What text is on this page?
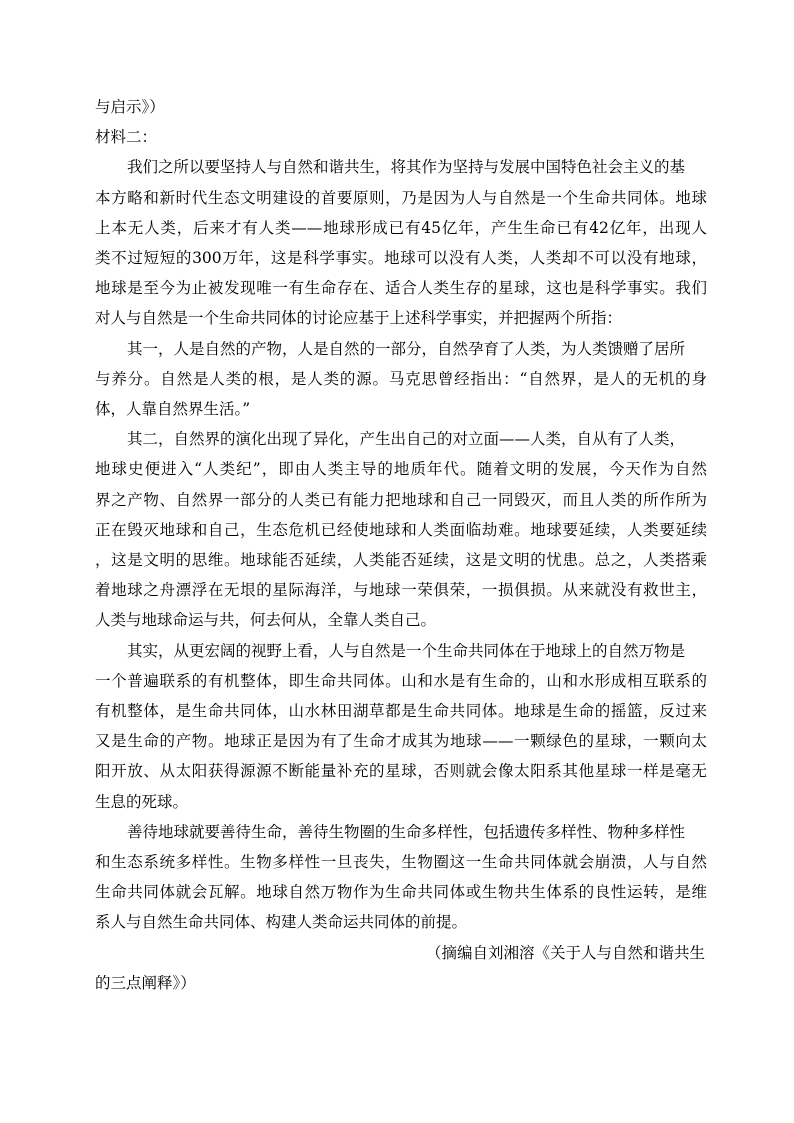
与启示》）
材料二：
我们之所以要坚持人与自然和谐共生，将其作为坚持与发展中国特色社会主义的基
本方略和新时代生态文明建设的首要原则，乃是因为人与自然是一个生命共同体。地球
上本无人类，后来才有人类——地球形成已有45亿年，产生生命已有42亿年，出现人
类不过短短的300万年，这是科学事实。地球可以没有人类，人类却不可以没有地球，
地球是至今为止被发现唯一有生命存在、适合人类生存的星球，这也是科学事实。我们
对人与自然是一个生命共同体的讨论应基于上述科学事实，并把握两个所指：
其一，人是自然的产物，人是自然的一部分，自然孕育了人类，为人类馈赠了居所
与养分。自然是人类的根，是人类的源。马克思曾经指出：“自然界，是人的无机的身
体，人靠自然界生活。”
其二，自然界的演化出现了异化，产生出自己的对立面——人类，自从有了人类，
地球史便进入“人类纪”，即由人类主导的地质年代。随着文明的发展，今天作为自然
界之产物、自然界一部分的人类已有能力把地球和自己一同毁灭，而且人类的所作所为
正在毁灭地球和自己，生态危机已经使地球和人类面临劫难。地球要延续，人类要延续
，这是文明的思维。地球能否延续，人类能否延续，这是文明的忧患。总之，人类搭乘
着地球之舟漂浮在无垠的星际海洋，与地球一荣俱荣，一损俱损。从来就没有救世主，
人类与地球命运与共，何去何从，全靠人类自己。
其实，从更宏阔的视野上看，人与自然是一个生命共同体在于地球上的自然万物是
一个普遍联系的有机整体，即生命共同体。山和水是有生命的，山和水形成相互联系的
有机整体，是生命共同体，山水林田湖草都是生命共同体。地球是生命的摇篮，反过来
又是生命的产物。地球正是因为有了生命才成其为地球——一颗绿色的星球，一颗向太
阳开放、从太阳获得源源不断能量补充的星球，否则就会像太阳系其他星球一样是毫无
生息的死球。
善待地球就要善待生命，善待生物圈的生命多样性，包括遗传多样性、物种多样性
和生态系统多样性。生物多样性一旦丧失，生物圈这一生命共同体就会崩溃，人与自然
生命共同体就会瓦解。地球自然万物作为生命共同体或生物共生体系的良性运转，是维
系人与自然生命共同体、构建人类命运共同体的前提。
（摘编自刘湘溶《关于人与自然和谐共生
的三点阐释》）
